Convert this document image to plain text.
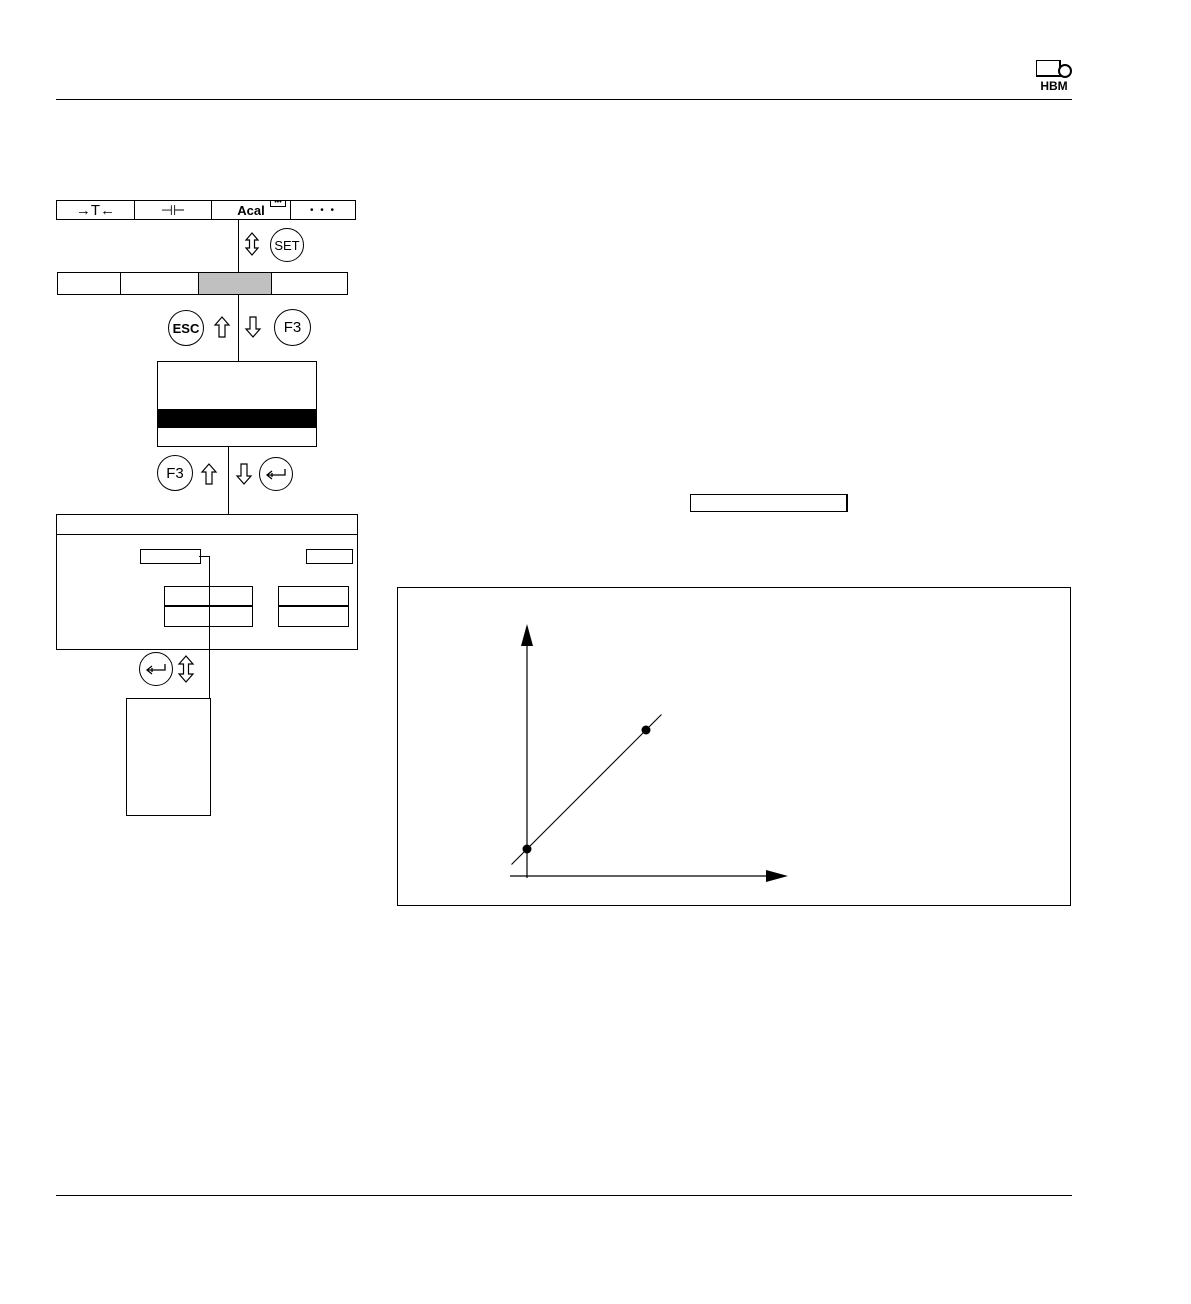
HBM
→T←	⊣⊢	Acal	•••
• • •
SET
ESC	F3
F3
